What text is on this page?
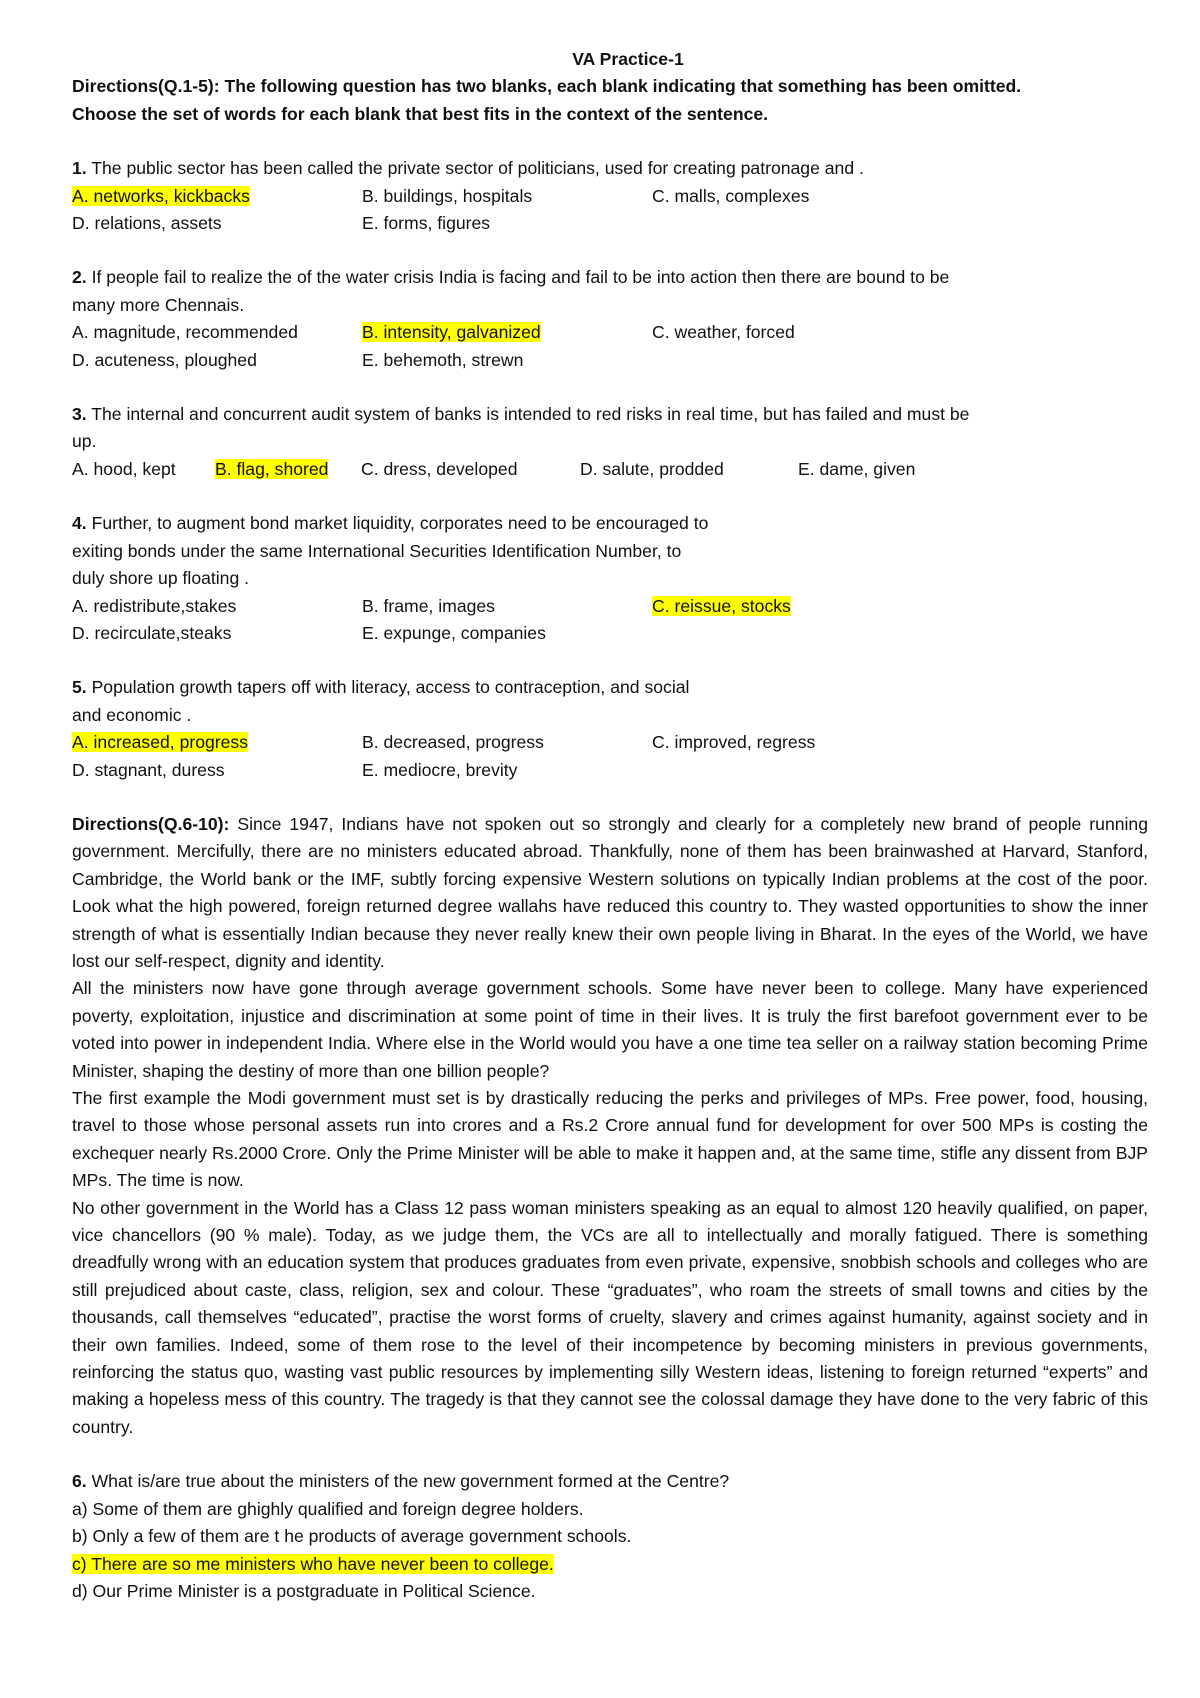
VA Practice-1
Directions(Q.1-5): The following question has two blanks, each blank indicating that something has been omitted.
Choose the set of words for each blank that best fits in the context of the sentence.
1. The public sector has been called the private sector of politicians, used for creating patronage and .
A. networks, kickbacks	B. buildings, hospitals	C. malls, complexes
D. relations, assets	E. forms, figures
2. If people fail to realize the of the water crisis India is facing and fail to be into action then there are bound to be
many more Chennais.
A. magnitude, recommended	B. intensity, galvanized	C. weather, forced
D. acuteness, ploughed	E. behemoth, strewn
3. The internal and concurrent audit system of banks is intended to red risks in real time, but has failed and must be
up.
A. hood, kept	B. flag, shored	C. dress, developed	D. salute, prodded	E. dame, given
4. Further, to augment bond market liquidity, corporates need to be encouraged to
exiting bonds under the same International Securities Identification Number, to
duly shore up floating .
A. redistribute,stakes	B. frame, images	C. reissue, stocks
D. recirculate,steaks	E. expunge, companies
5. Population growth tapers off with literacy, access to contraception, and social
and economic .
A. increased, progress	B. decreased, progress	C. improved, regress
D. stagnant, duress	E. mediocre, brevity
Directions(Q.6-10): Since 1947, Indians have not spoken out so strongly and clearly for a completely new brand of people running government. Mercifully, there are no ministers educated abroad. Thankfully, none of them has been brainwashed at Harvard, Stanford, Cambridge, the World bank or the IMF, subtly forcing expensive Western solutions on typically Indian problems at the cost of the poor. Look what the high powered, foreign returned degree wallahs have reduced this country to. They wasted opportunities to show the inner strength of what is essentially Indian because they never really knew their own people living in Bharat. In the eyes of the World, we have lost our self-respect, dignity and identity.
All the ministers now have gone through average government schools. Some have never been to college. Many have experienced poverty, exploitation, injustice and discrimination at some point of time in their lives. It is truly the first barefoot government ever to be voted into power in independent India. Where else in the World would you have a one time tea seller on a railway station becoming Prime Minister, shaping the destiny of more than one billion people?
The first example the Modi government must set is by drastically reducing the perks and privileges of MPs. Free power, food, housing, travel to those whose personal assets run into crores and a Rs.2 Crore annual fund for development for over 500 MPs is costing the exchequer nearly Rs.2000 Crore. Only the Prime Minister will be able to make it happen and, at the same time, stifle any dissent from BJP MPs. The time is now.
No other government in the World has a Class 12 pass woman ministers speaking as an equal to almost 120 heavily qualified, on paper, vice chancellors (90 % male). Today, as we judge them, the VCs are all to intellectually and morally fatigued. There is something dreadfully wrong with an education system that produces graduates from even private, expensive, snobbish schools and colleges who are still prejudiced about caste, class, religion, sex and colour. These “graduates”, who roam the streets of small towns and cities by the thousands, call themselves “educated”, practise the worst forms of cruelty, slavery and crimes against humanity, against society and in their own families. Indeed, some of them rose to the level of their incompetence by becoming ministers in previous governments, reinforcing the status quo, wasting vast public resources by implementing silly Western ideas, listening to foreign returned “experts” and making a hopeless mess of this country. The tragedy is that they cannot see the colossal damage they have done to the very fabric of this country.
6. What is/are true about the ministers of the new government formed at the Centre?
a) Some of them are ghighly qualified and foreign degree holders.
b) Only a few of them are t he products of average government schools.
c) There are so me ministers who have never been to college.
d) Our Prime Minister is a postgraduate in Political Science.
